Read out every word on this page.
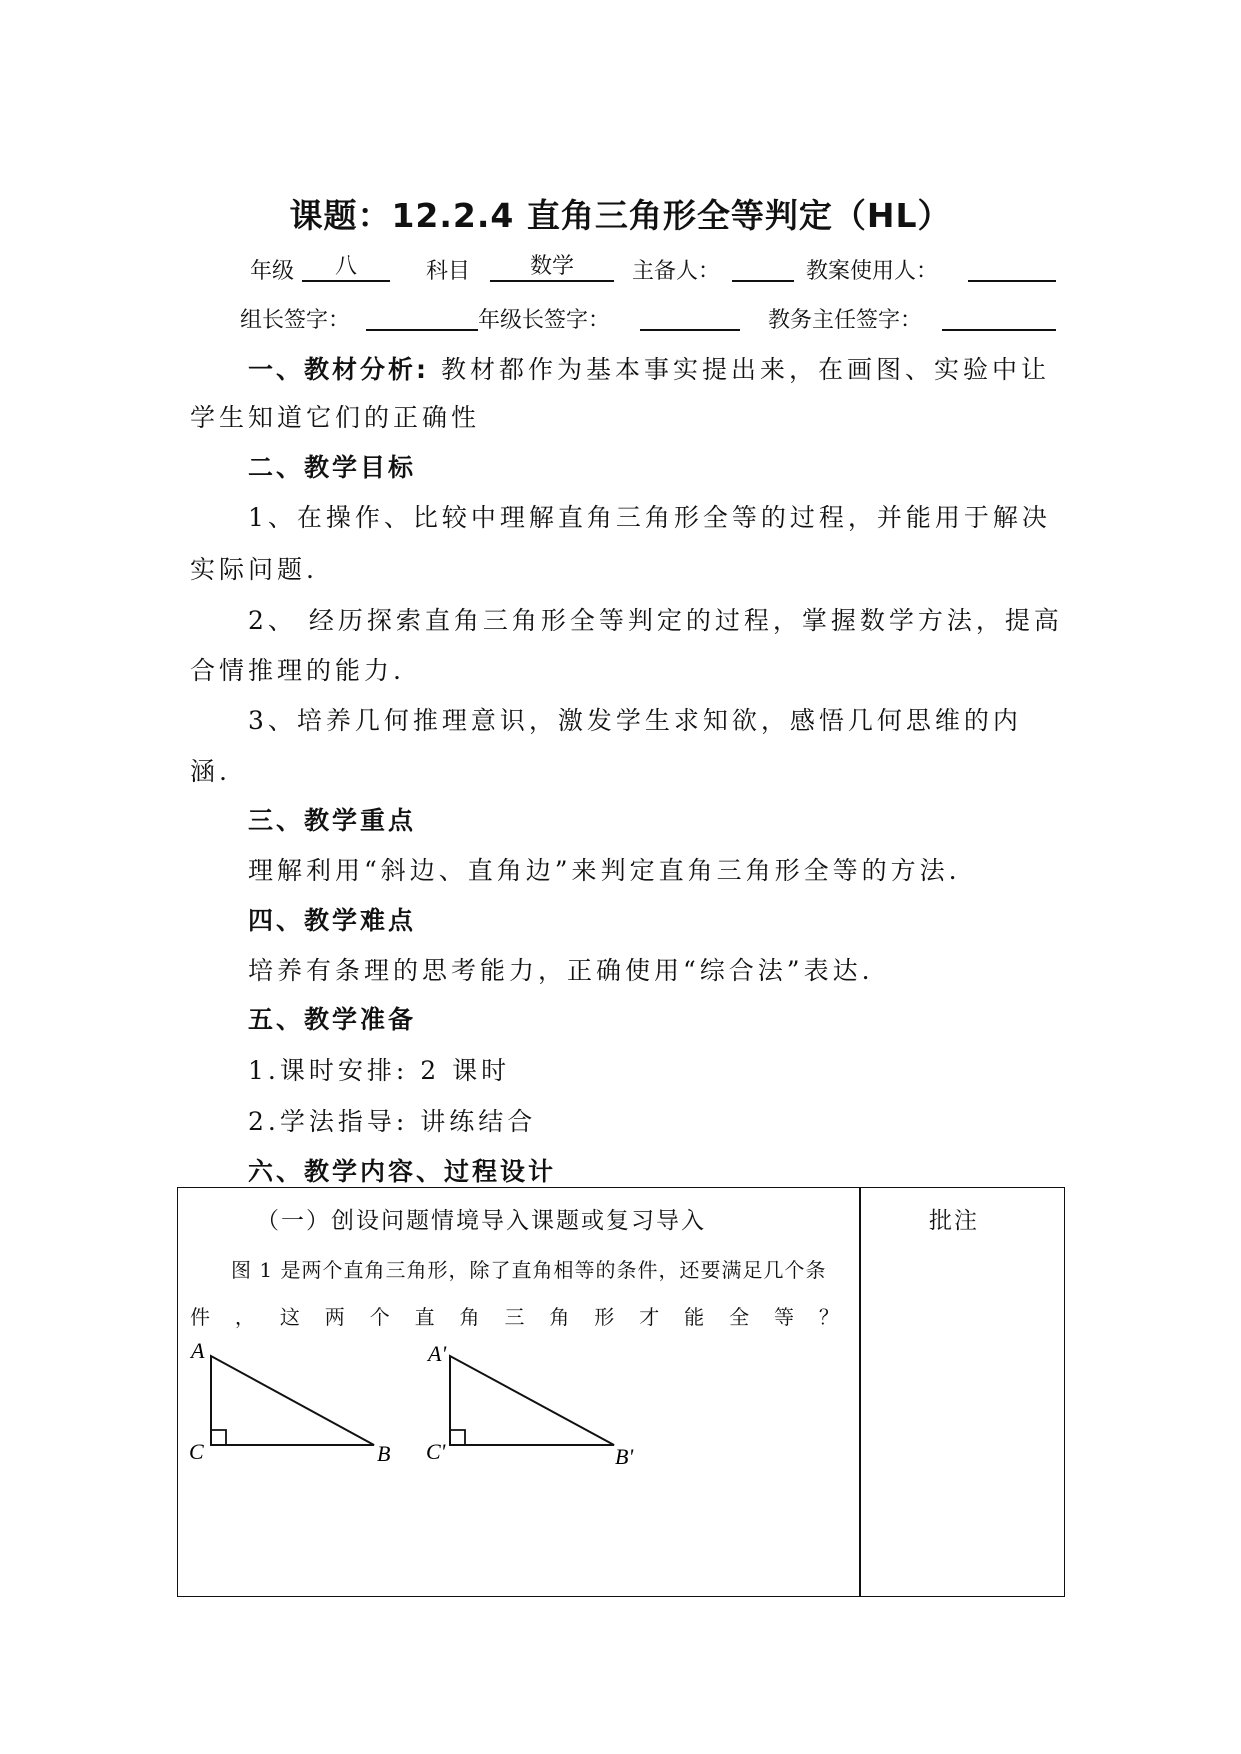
课题：12.2.4 直角三角形全等判定（HL）
年级	八	科目	数学	主备人：	教案使用人：
组长签字：	年级长签字：	教务主任签字：
一、教材分析: 教材都作为基本事实提出来，在画图、实验中让
学生知道它们的正确性
二、教学目标
1、在操作、比较中理解直角三角形全等的过程，并能用于解决
实际问题.
2、 经历探索直角三角形全等判定的过程，掌握数学方法，提高
合情推理的能力.
3、培养几何推理意识，激发学生求知欲，感悟几何思维的内
涵.
三、教学重点
理解利用“斜边、直角边”来判定直角三角形全等的方法.
四、教学难点
培养有条理的思考能力，正确使用“综合法”表达.
五、教学准备
1.课时安排: 2 课时
2.学法指导: 讲练结合
六、教学内容、过程设计
（一）创设问题情境导入课题或复习导入	批注
图 1 是两个直角三角形，除了直角相等的条件，还要满足几个条
件 ， 这 两 个 直 角 三 角 形 才 能 全 等 ？
A
C	B
A'
C'	B'
